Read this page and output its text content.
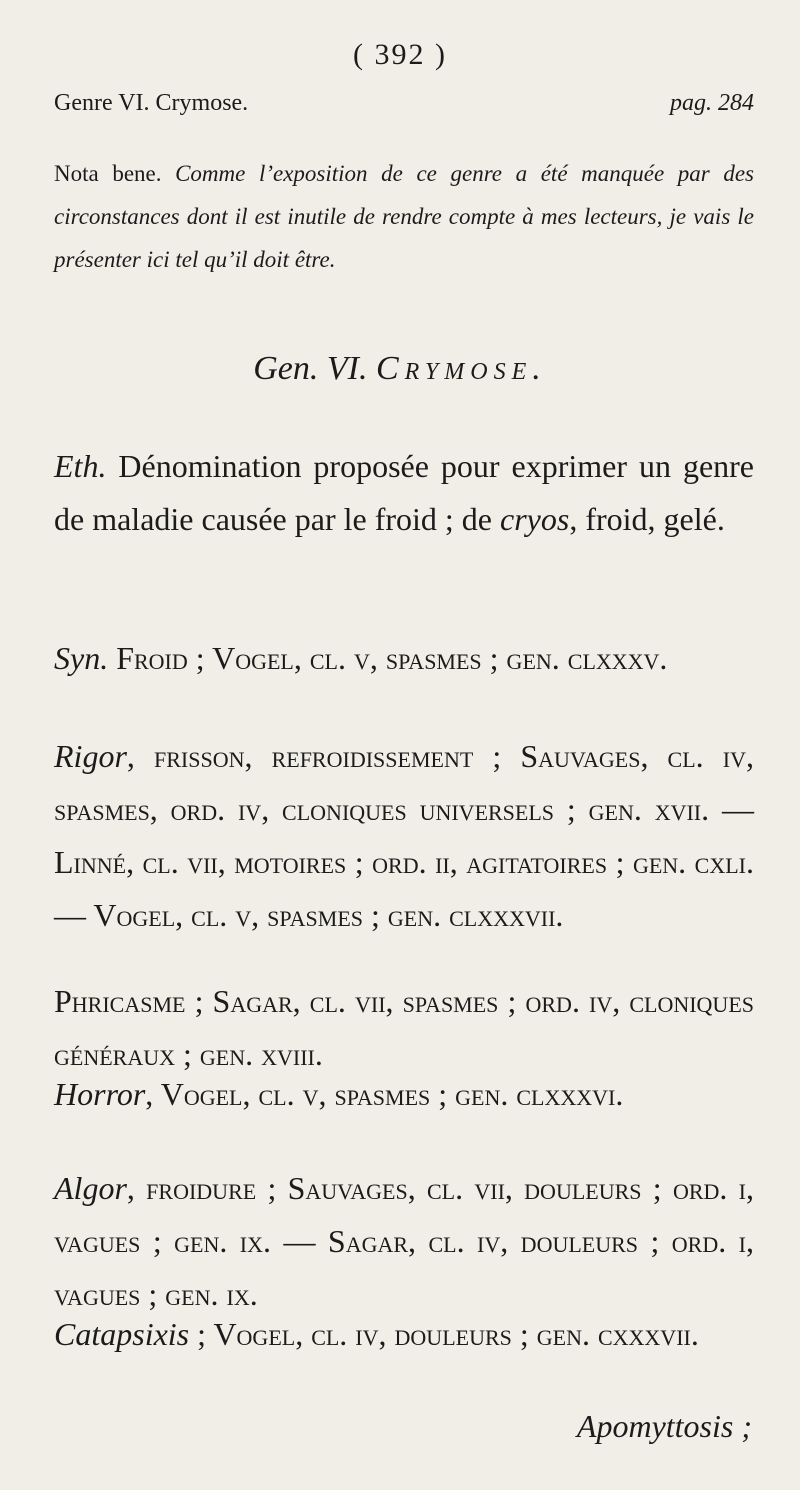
( 392 )
Genre VI. Crymose.	pag. 284
Nota bene. Comme l’exposition de ce genre a été manquée par des circonstances dont il est inutile de rendre compte à mes lecteurs, je vais le présenter ici tel qu’il doit être.
Gen. VI. Crymose.
Eth. Dénomination proposée pour exprimer un genre de maladie causée par le froid ; de cryos, froid, gelé.
Syn. Froid ; Vogel, cl. v, spasmes ; gen. clxxxv.
Rigor, frisson, refroidissement ; Sauvages, cl. iv, spasmes, ord. iv, cloniques universels ; gen. xvii. — Linné, cl. vii, motoires ; ord. ii, agitatoires ; gen. cxli. — Vogel, cl. v, spasmes ; gen. clxxxvii.
Phricasme ; Sagar, cl. vii, spasmes ; ord. iv, cloniques généraux ; gen. xviii.
Horror, Vogel, cl. v, spasmes ; gen. clxxxvi.
Algor, froidure ; Sauvages, cl. vii, douleurs ; ord. i, vagues ; gen. ix. — Sagar, cl. iv, douleurs ; ord. i, vagues ; gen. ix.
Catapsixis ; Vogel, cl. iv, douleurs ; gen. cxxxvii.
Apomyttosis ;
